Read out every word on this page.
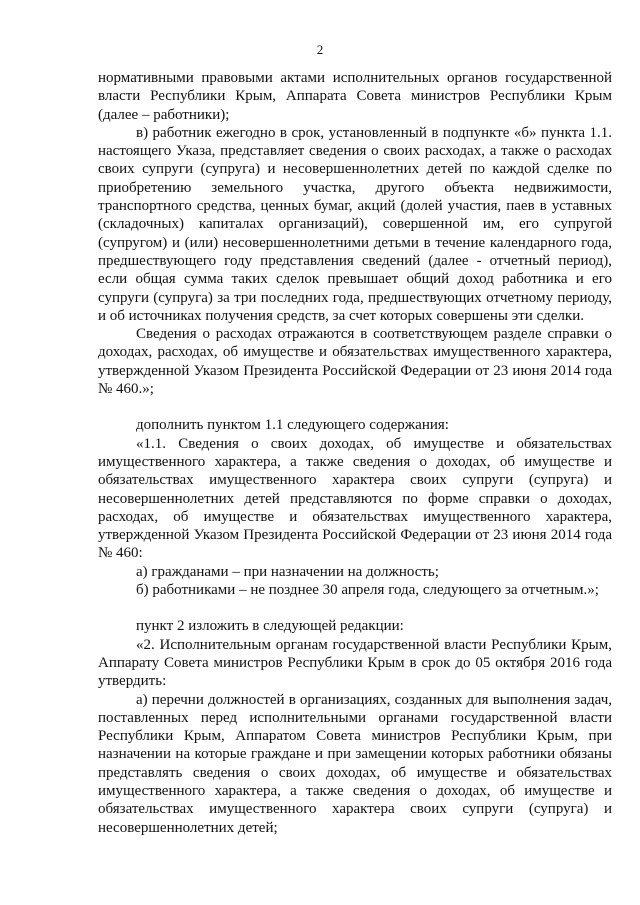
2

нормативными правовыми актами исполнительных органов государственной власти Республики Крым, Аппарата Совета министров Республики Крым (далее – работники);

в) работник ежегодно в срок, установленный в подпункте «б» пункта 1.1. настоящего Указа, представляет сведения о своих расходах, а также о расходах своих супруги (супруга) и несовершеннолетних детей по каждой сделке по приобретению земельного участка, другого объекта недвижимости, транспортного средства, ценных бумаг, акций (долей участия, паев в уставных (складочных) капиталах организаций), совершенной им, его супругой (супругом) и (или) несовершеннолетними детьми в течение календарного года, предшествующего году представления сведений (далее - отчетный период), если общая сумма таких сделок превышает общий доход работника и его супруги (супруга) за три последних года, предшествующих отчетному периоду, и об источниках получения средств, за счет которых совершены эти сделки.

Сведения о расходах отражаются в соответствующем разделе справки о доходах, расходах, об имуществе и обязательствах имущественного характера, утвержденной Указом Президента Российской Федерации от 23 июня 2014 года № 460.»;

дополнить пунктом 1.1 следующего содержания:

«1.1. Сведения о своих доходах, об имуществе и обязательствах имущественного характера, а также сведения о доходах, об имуществе и обязательствах имущественного характера своих супруги (супруга) и несовершеннолетних детей представляются по форме справки о доходах, расходах, об имуществе и обязательствах имущественного характера, утвержденной Указом Президента Российской Федерации от 23 июня 2014 года № 460:

а) гражданами – при назначении на должность;

б) работниками – не позднее 30 апреля года, следующего за отчетным.»;

пункт 2 изложить в следующей редакции:

«2. Исполнительным органам государственной власти Республики Крым, Аппарату Совета министров Республики Крым в срок до 05 октября 2016 года утвердить:

а) перечни должностей в организациях, созданных для выполнения задач, поставленных перед исполнительными органами государственной власти Республики Крым, Аппаратом Совета министров Республики Крым, при назначении на которые граждане и при замещении которых работники обязаны представлять сведения о своих доходах, об имуществе и обязательствах имущественного характера, а также сведения о доходах, об имуществе и обязательствах имущественного характера своих супруги (супруга) и несовершеннолетних детей;
